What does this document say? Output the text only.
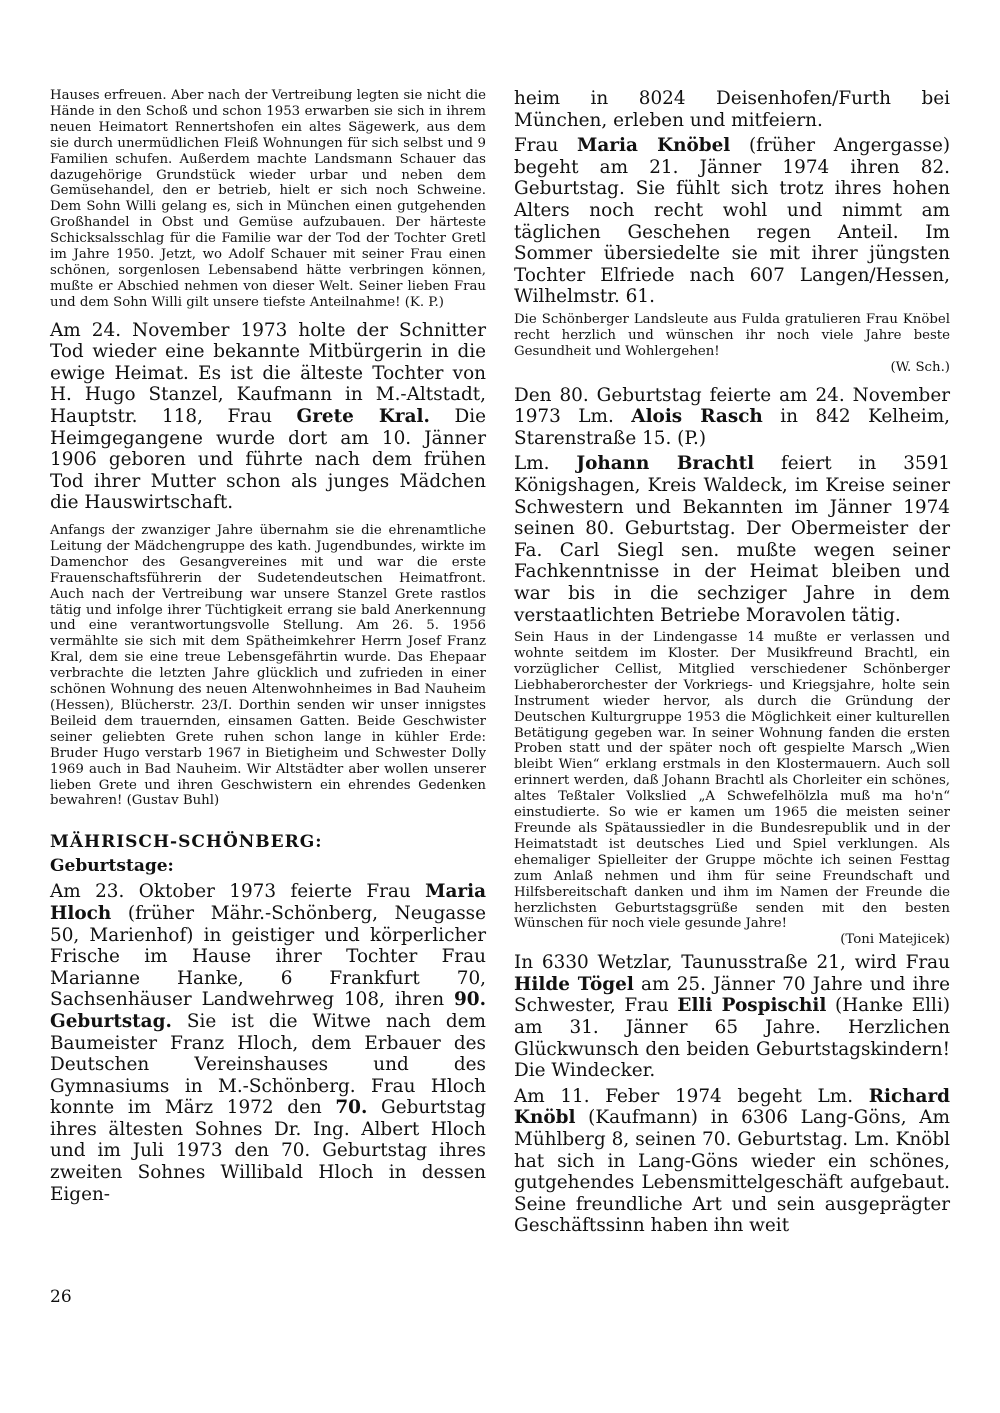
Hauses erfreuen. Aber nach der Vertreibung legten sie nicht die Hände in den Schoß und schon 1953 erwarben sie sich in ihrem neuen Heimatort Rennertshofen ein altes Sägewerk, aus dem sie durch unermüdlichen Fleiß Wohnungen für sich selbst und 9 Familien schufen. Außerdem machte Landsmann Schauer das dazugehörige Grundstück wieder urbar und neben dem Gemüsehandel, den er betrieb, hielt er sich noch Schweine. Dem Sohn Willi gelang es, sich in München einen gutgehenden Großhandel in Obst und Gemüse aufzubauen. Der härteste Schicksalsschlag für die Familie war der Tod der Tochter Gretl im Jahre 1950. Jetzt, wo Adolf Schauer mit seiner Frau einen schönen, sorgenlosen Lebensabend hätte verbringen können, mußte er Abschied nehmen von dieser Welt. Seiner lieben Frau und dem Sohn Willi gilt unsere tiefste Anteilnahme! (K. P.)

Am 24. November 1973 holte der Schnitter Tod wieder eine bekannte Mitbürgerin in die ewige Heimat. Es ist die älteste Tochter von H. Hugo Stanzel, Kaufmann in M.-Altstadt, Hauptstr. 118, Frau Grete Kral. Die Heimgegangene wurde dort am 10. Jänner 1906 geboren und führte nach dem frühen Tod ihrer Mutter schon als junges Mädchen die Hauswirtschaft.

Anfangs der zwanziger Jahre übernahm sie die ehrenamtliche Leitung der Mädchengruppe des kath. Jugendbundes, wirkte im Damenchor des Gesangvereines mit und war die erste Frauenschaftsführerin der Sudetendeutschen Heimatfront. Auch nach der Vertreibung war unsere Stanzel Grete rastlos tätig und infolge ihrer Tüchtigkeit errang sie bald Anerkennung und eine verantwortungsvolle Stellung. Am 26. 5. 1956 vermählte sie sich mit dem Spätheimkehrer Herrn Josef Franz Kral, dem sie eine treue Lebensgefährtin wurde. Das Ehepaar verbrachte die letzten Jahre glücklich und zufrieden in einer schönen Wohnung des neuen Altenwohnheimes in Bad Nauheim (Hessen), Blücherstr. 23/I. Dorthin senden wir unser innigstes Beileid dem trauernden, einsamen Gatten. Beide Geschwister seiner geliebten Grete ruhen schon lange in kühler Erde: Bruder Hugo verstarb 1967 in Bietigheim und Schwester Dolly 1969 auch in Bad Nauheim. Wir Altstädter aber wollen unserer lieben Grete und ihren Geschwistern ein ehrendes Gedenken bewahren! (Gustav Buhl)

MÄHRISCH-SCHÖNBERG:
Geburtstage:

Am 23. Oktober 1973 feierte Frau Maria Hloch (früher Mähr.-Schönberg, Neugasse 50, Marienhof) in geistiger und körperlicher Frische im Hause ihrer Tochter Frau Marianne Hanke, 6 Frankfurt 70, Sachsenhäuser Landwehrweg 108, ihren 90. Geburtstag. Sie ist die Witwe nach dem Baumeister Franz Hloch, dem Erbauer des Deutschen Vereinshauses und des Gymnasiums in M.-Schönberg. Frau Hloch konnte im März 1972 den 70. Geburtstag ihres ältesten Sohnes Dr. Ing. Albert Hloch und im Juli 1973 den 70. Geburtstag ihres zweiten Sohnes Willibald Hloch in dessen Eigen-

heim in 8024 Deisenhofen/Furth bei München, erleben und mitfeiern.

Frau Maria Knöbel (früher Angergasse) begeht am 21. Jänner 1974 ihren 82. Geburtstag. Sie fühlt sich trotz ihres hohen Alters noch recht wohl und nimmt am täglichen Geschehen regen Anteil. Im Sommer übersiedelte sie mit ihrer jüngsten Tochter Elfriede nach 607 Langen/Hessen, Wilhelmstr. 61.

Die Schönberger Landsleute aus Fulda gratulieren Frau Knöbel recht herzlich und wünschen ihr noch viele Jahre beste Gesundheit und Wohlergehen!

(W. Sch.)

Den 80. Geburtstag feierte am 24. November 1973 Lm. Alois Rasch in 842 Kelheim, Starenstraße 15. (P.)

Lm. Johann Brachtl feiert in 3591 Königshagen, Kreis Waldeck, im Kreise seiner Schwestern und Bekannten im Jänner 1974 seinen 80. Geburtstag. Der Obermeister der Fa. Carl Siegl sen. mußte wegen seiner Fachkenntnisse in der Heimat bleiben und war bis in die sechziger Jahre in dem verstaatlichten Betriebe Moravolen tätig.

Sein Haus in der Lindengasse 14 mußte er verlassen und wohnte seitdem im Kloster. Der Musikfreund Brachtl, ein vorzüglicher Cellist, Mitglied verschiedener Schönberger Liebhaberorchester der Vorkriegs- und Kriegsjahre, holte sein Instrument wieder hervor, als durch die Gründung der Deutschen Kulturgruppe 1953 die Möglichkeit einer kulturellen Betätigung gegeben war. In seiner Wohnung fanden die ersten Proben statt und der später noch oft gespielte Marsch „Wien bleibt Wien“ erklang erstmals in den Klostermauern. Auch soll erinnert werden, daß Johann Brachtl als Chorleiter ein schönes, altes Teßtaler Volkslied „A Schwefelhölzla muß ma ho'n“ einstudierte. So wie er kamen um 1965 die meisten seiner Freunde als Spätaussiedler in die Bundesrepublik und in der Heimatstadt ist deutsches Lied und Spiel verklungen. Als ehemaliger Spielleiter der Gruppe möchte ich seinen Festtag zum Anlaß nehmen und ihm für seine Freundschaft und Hilfsbereitschaft danken und ihm im Namen der Freunde die herzlichsten Geburtstagsgrüße senden mit den besten Wünschen für noch viele gesunde Jahre!

(Toni Matejicek)

In 6330 Wetzlar, Taunusstraße 21, wird Frau Hilde Tögel am 25. Jänner 70 Jahre und ihre Schwester, Frau Elli Pospischil (Hanke Elli) am 31. Jänner 65 Jahre. Herzlichen Glückwunsch den beiden Geburtstagskindern! Die Windecker.

Am 11. Feber 1974 begeht Lm. Richard Knöbl (Kaufmann) in 6306 Lang-Göns, Am Mühlberg 8, seinen 70. Geburtstag. Lm. Knöbl hat sich in Lang-Göns wieder ein schönes, gutgehendes Lebensmittelgeschäft aufgebaut. Seine freundliche Art und sein ausgeprägter Geschäftssinn haben ihn weit

26
